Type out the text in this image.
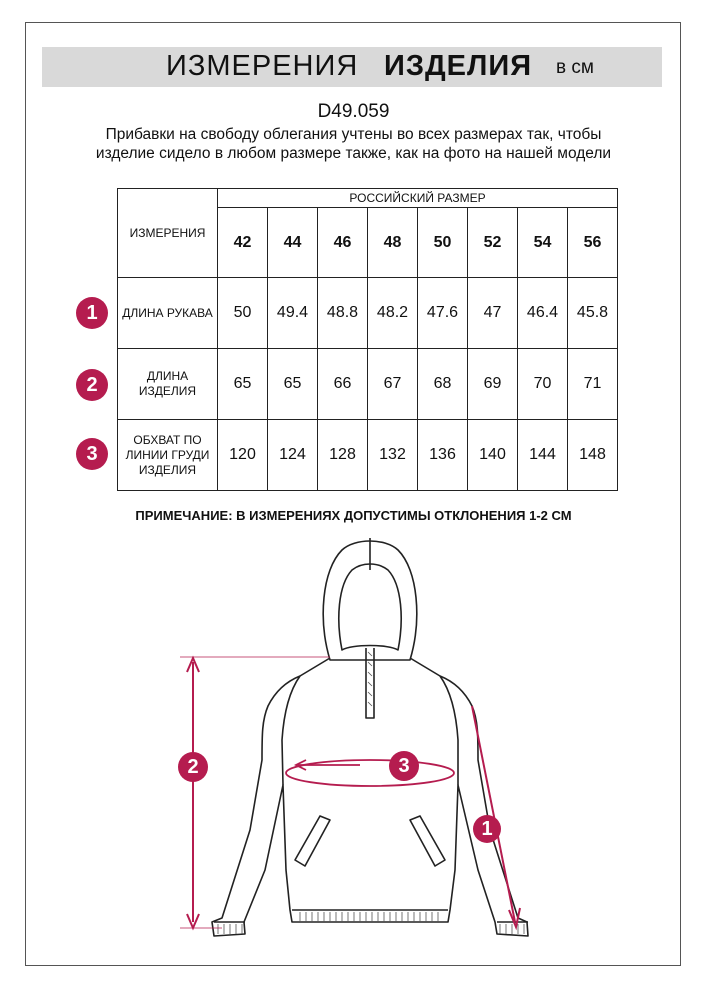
ИЗМЕРЕНИЯ ИЗДЕЛИЯ в см
D49.059
Прибавки на свободу облегания учтены во всех размерах так, чтобы изделие сидело в любом размере также, как на фото на нашей модели
ИЗМЕРЕНИЯ	РОССИЙСКИЙ РАЗМЕР							
	42	44	46	48	50	52	54	56
ДЛИНА РУКАВА	50	49.4	48.8	48.2	47.6	47	46.4	45.8
ДЛИНА ИЗДЕЛИЯ	65	65	66	67	68	69	70	71
ОБХВАТ ПО ЛИНИИ ГРУДИ ИЗДЕЛИЯ	120	124	128	132	136	140	144	148
1
2
3
ПРИМЕЧАНИЕ: В ИЗМЕРЕНИЯХ ДОПУСТИМЫ ОТКЛОНЕНИЯ 1-2 СМ
2	3
1
